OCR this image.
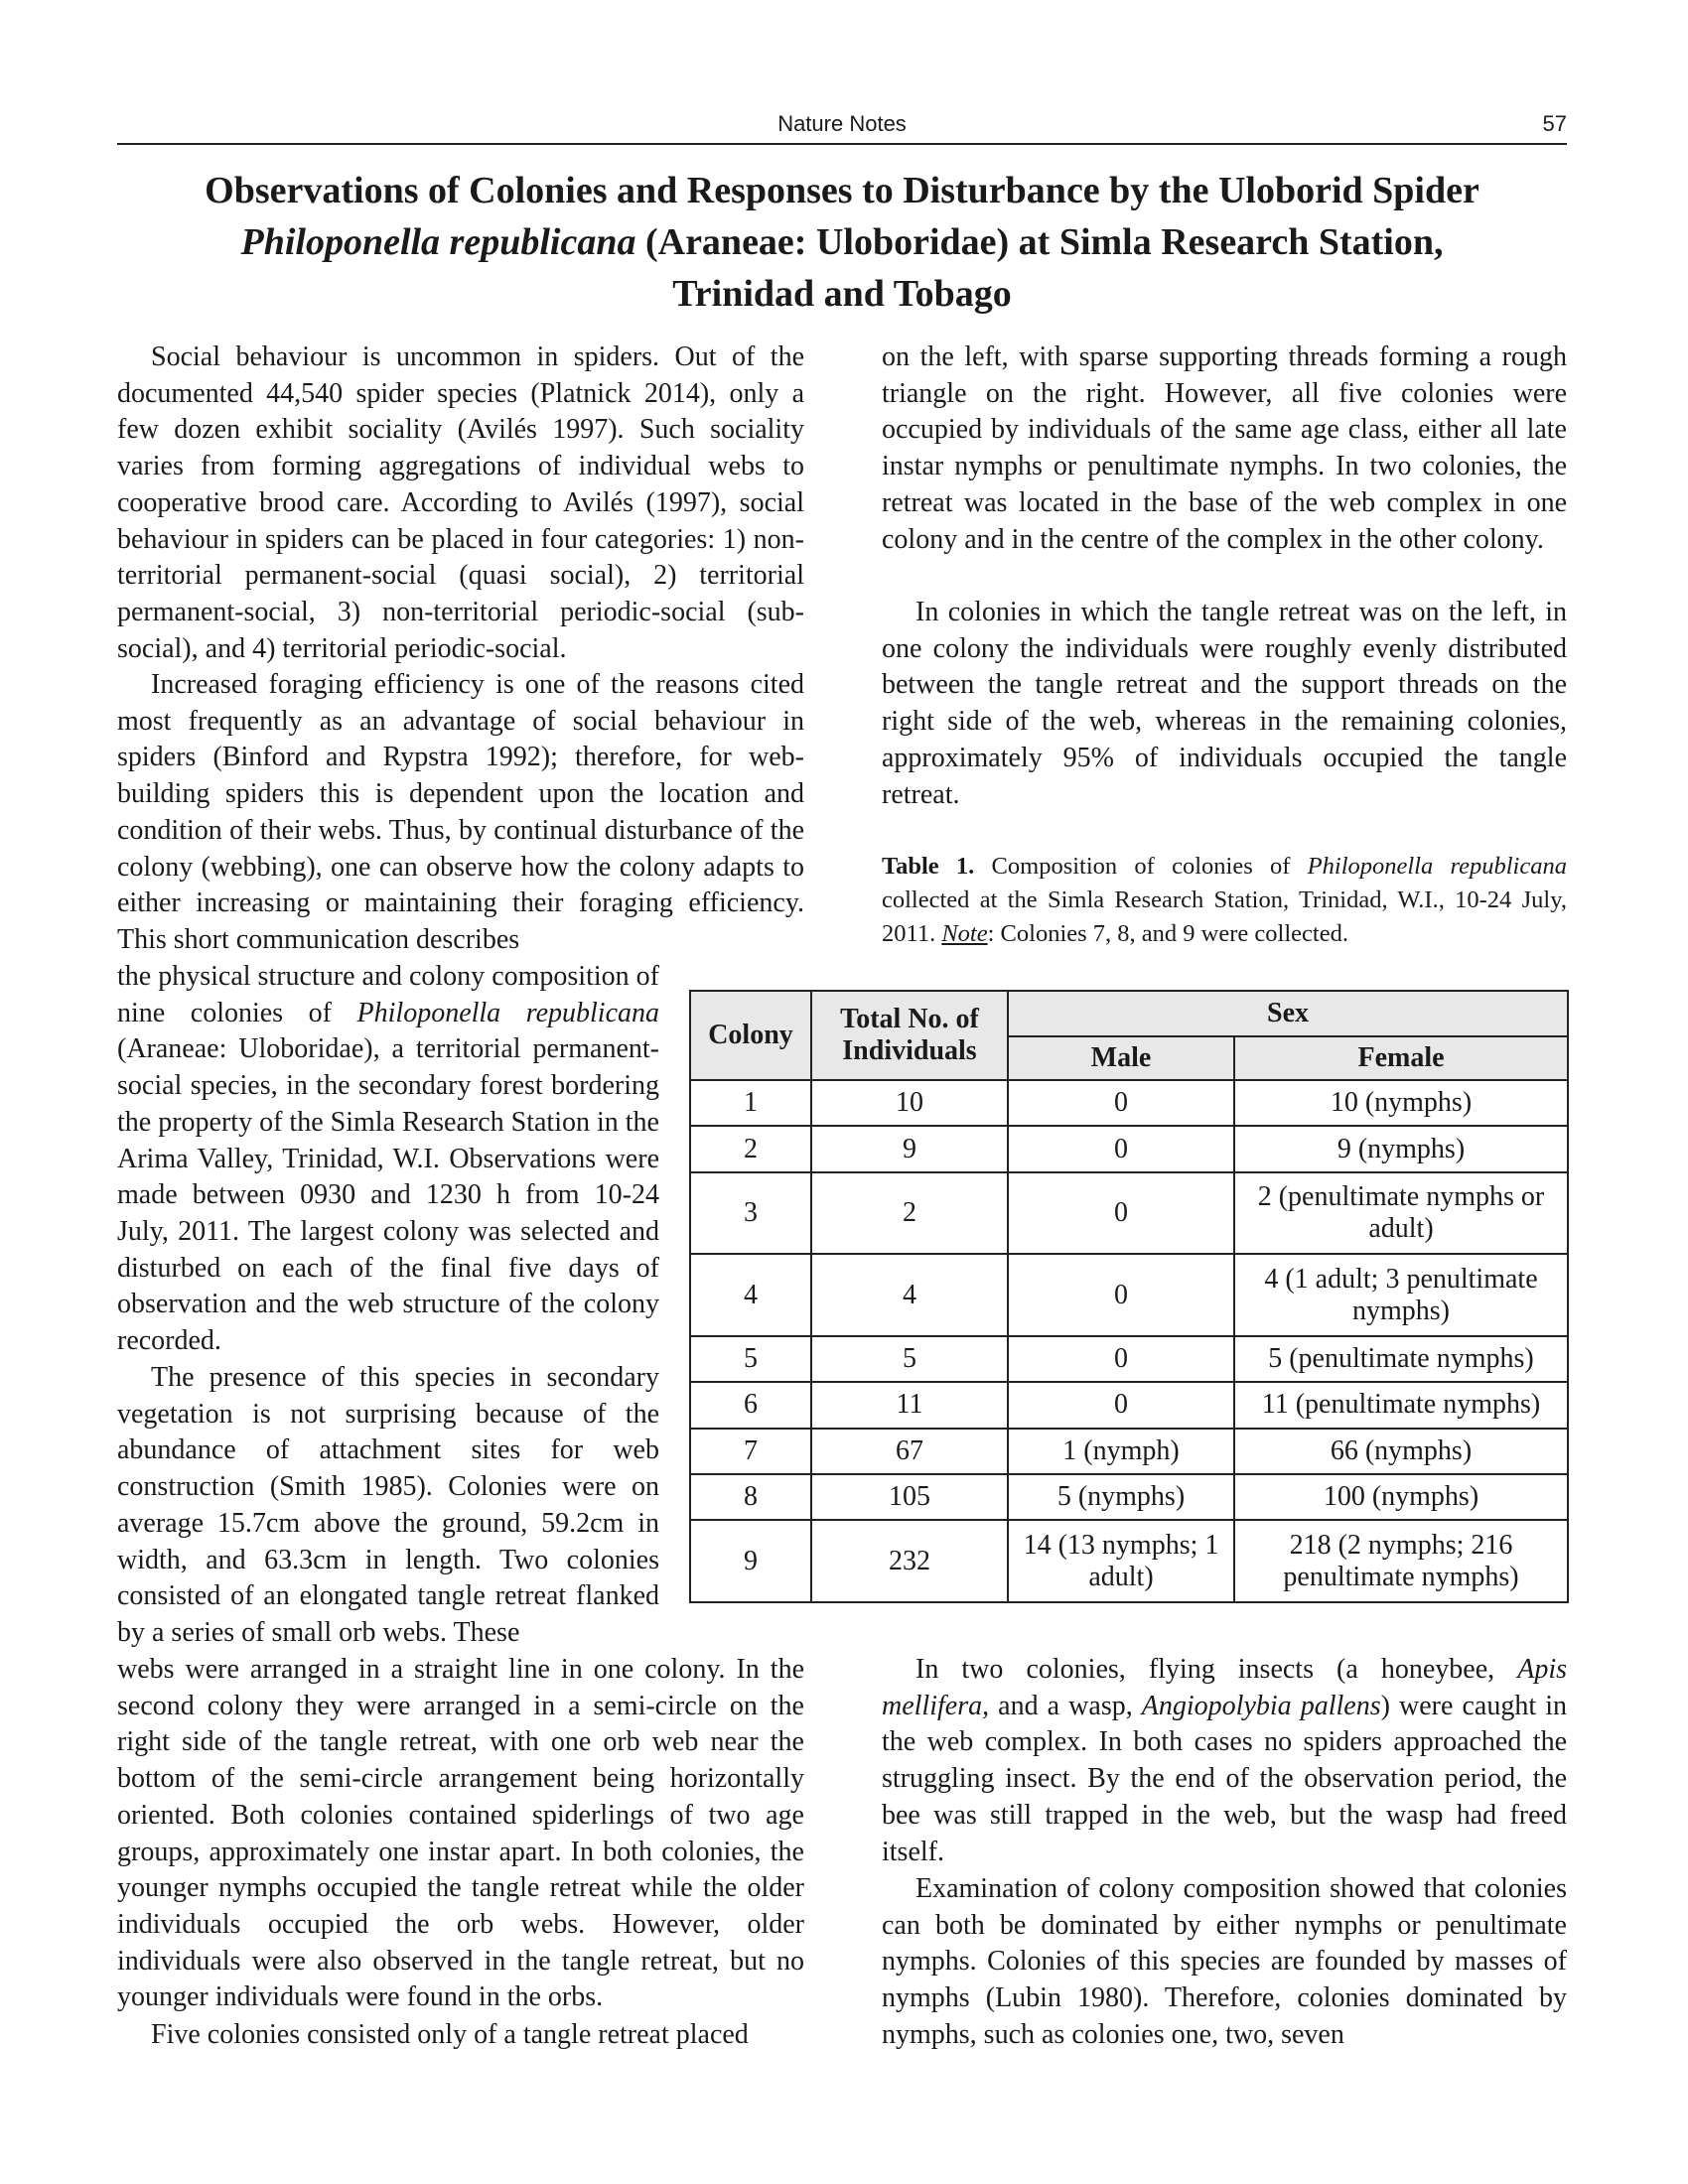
Nature Notes	57
Observations of Colonies and Responses to Disturbance by the Uloborid Spider
Philoponella republicana (Araneae: Uloboridae) at Simla Research Station,
Trinidad and Tobago

Social behaviour is uncommon in spiders. Out of the documented 44,540 spider species (Platnick 2014), only a few dozen exhibit sociality (Avilés 1997). Such sociality varies from forming aggregations of individual webs to cooperative brood care. According to Avilés (1997), social behaviour in spiders can be placed in four categories: 1) non-territorial permanent-social (quasi social), 2) territorial permanent-social, 3) non-territorial periodic-social (sub-social), and 4) territorial periodic-social.

Increased foraging efficiency is one of the reasons cited most frequently as an advantage of social behaviour in spiders (Binford and Rypstra 1992); therefore, for web-building spiders this is dependent upon the location and condition of their webs. Thus, by continual disturbance of the colony (webbing), one can observe how the colony adapts to either increasing or maintaining their foraging efficiency. This short communication describes

the physical structure and colony composition of nine colonies of Philoponella republicana (Araneae: Uloboridae), a territorial permanent-social species, in the secondary forest bordering the property of the Simla Research Station in the Arima Valley, Trinidad, W.I. Observations were made between 0930 and 1230 h from 10-24 July, 2011. The largest colony was selected and disturbed on each of the final five days of observation and the web structure of the colony recorded.

The presence of this species in secondary vegetation is not surprising because of the abundance of attachment sites for web construction (Smith 1985). Colonies were on average 15.7cm above the ground, 59.2cm in width, and 63.3cm in length. Two colonies consisted of an elongated tangle retreat flanked by a series of small orb webs. These

webs were arranged in a straight line in one colony. In the second colony they were arranged in a semi-circle on the right side of the tangle retreat, with one orb web near the bottom of the semi-circle arrangement being horizontally oriented. Both colonies contained spiderlings of two age groups, approximately one instar apart. In both colonies, the younger nymphs occupied the tangle retreat while the older individuals occupied the orb webs. However, older individuals were also observed in the tangle retreat, but no younger individuals were found in the orbs.

Five colonies consisted only of a tangle retreat placed

on the left, with sparse supporting threads forming a rough triangle on the right. However, all five colonies were occupied by individuals of the same age class, either all late instar nymphs or penultimate nymphs. In two colonies, the retreat was located in the base of the web complex in one colony and in the centre of the complex in the other colony.

In colonies in which the tangle retreat was on the left, in one colony the individuals were roughly evenly distributed between the tangle retreat and the support threads on the right side of the web, whereas in the remaining colonies, approximately 95% of individuals occupied the tangle retreat.

Table 1. Composition of colonies of Philoponella republicana collected at the Simla Research Station, Trinidad, W.I., 10-24 July, 2011. Note: Colonies 7, 8, and 9 were collected.

Colony	Total No. of Individuals	Sex	
		Male	Female
1	10	0	10 (nymphs)
2	9	0	9 (nymphs)
3	2	0	2 (penultimate nymphs or adult)
4	4	0	4 (1 adult; 3 penultimate nymphs)
5	5	0	5 (penultimate nymphs)
6	11	0	11 (penultimate nymphs)
7	67	1 (nymph)	66 (nymphs)
8	105	5 (nymphs)	100 (nymphs)
9	232	14 (13 nymphs; 1 adult)	218 (2 nymphs; 216 penultimate nymphs)

In two colonies, flying insects (a honeybee, Apis mellifera, and a wasp, Angiopolybia pallens) were caught in the web complex. In both cases no spiders approached the struggling insect. By the end of the observation period, the bee was still trapped in the web, but the wasp had freed itself.

Examination of colony composition showed that colonies can both be dominated by either nymphs or penultimate nymphs. Colonies of this species are founded by masses of nymphs (Lubin 1980). Therefore, colonies dominated by nymphs, such as colonies one, two, seven
